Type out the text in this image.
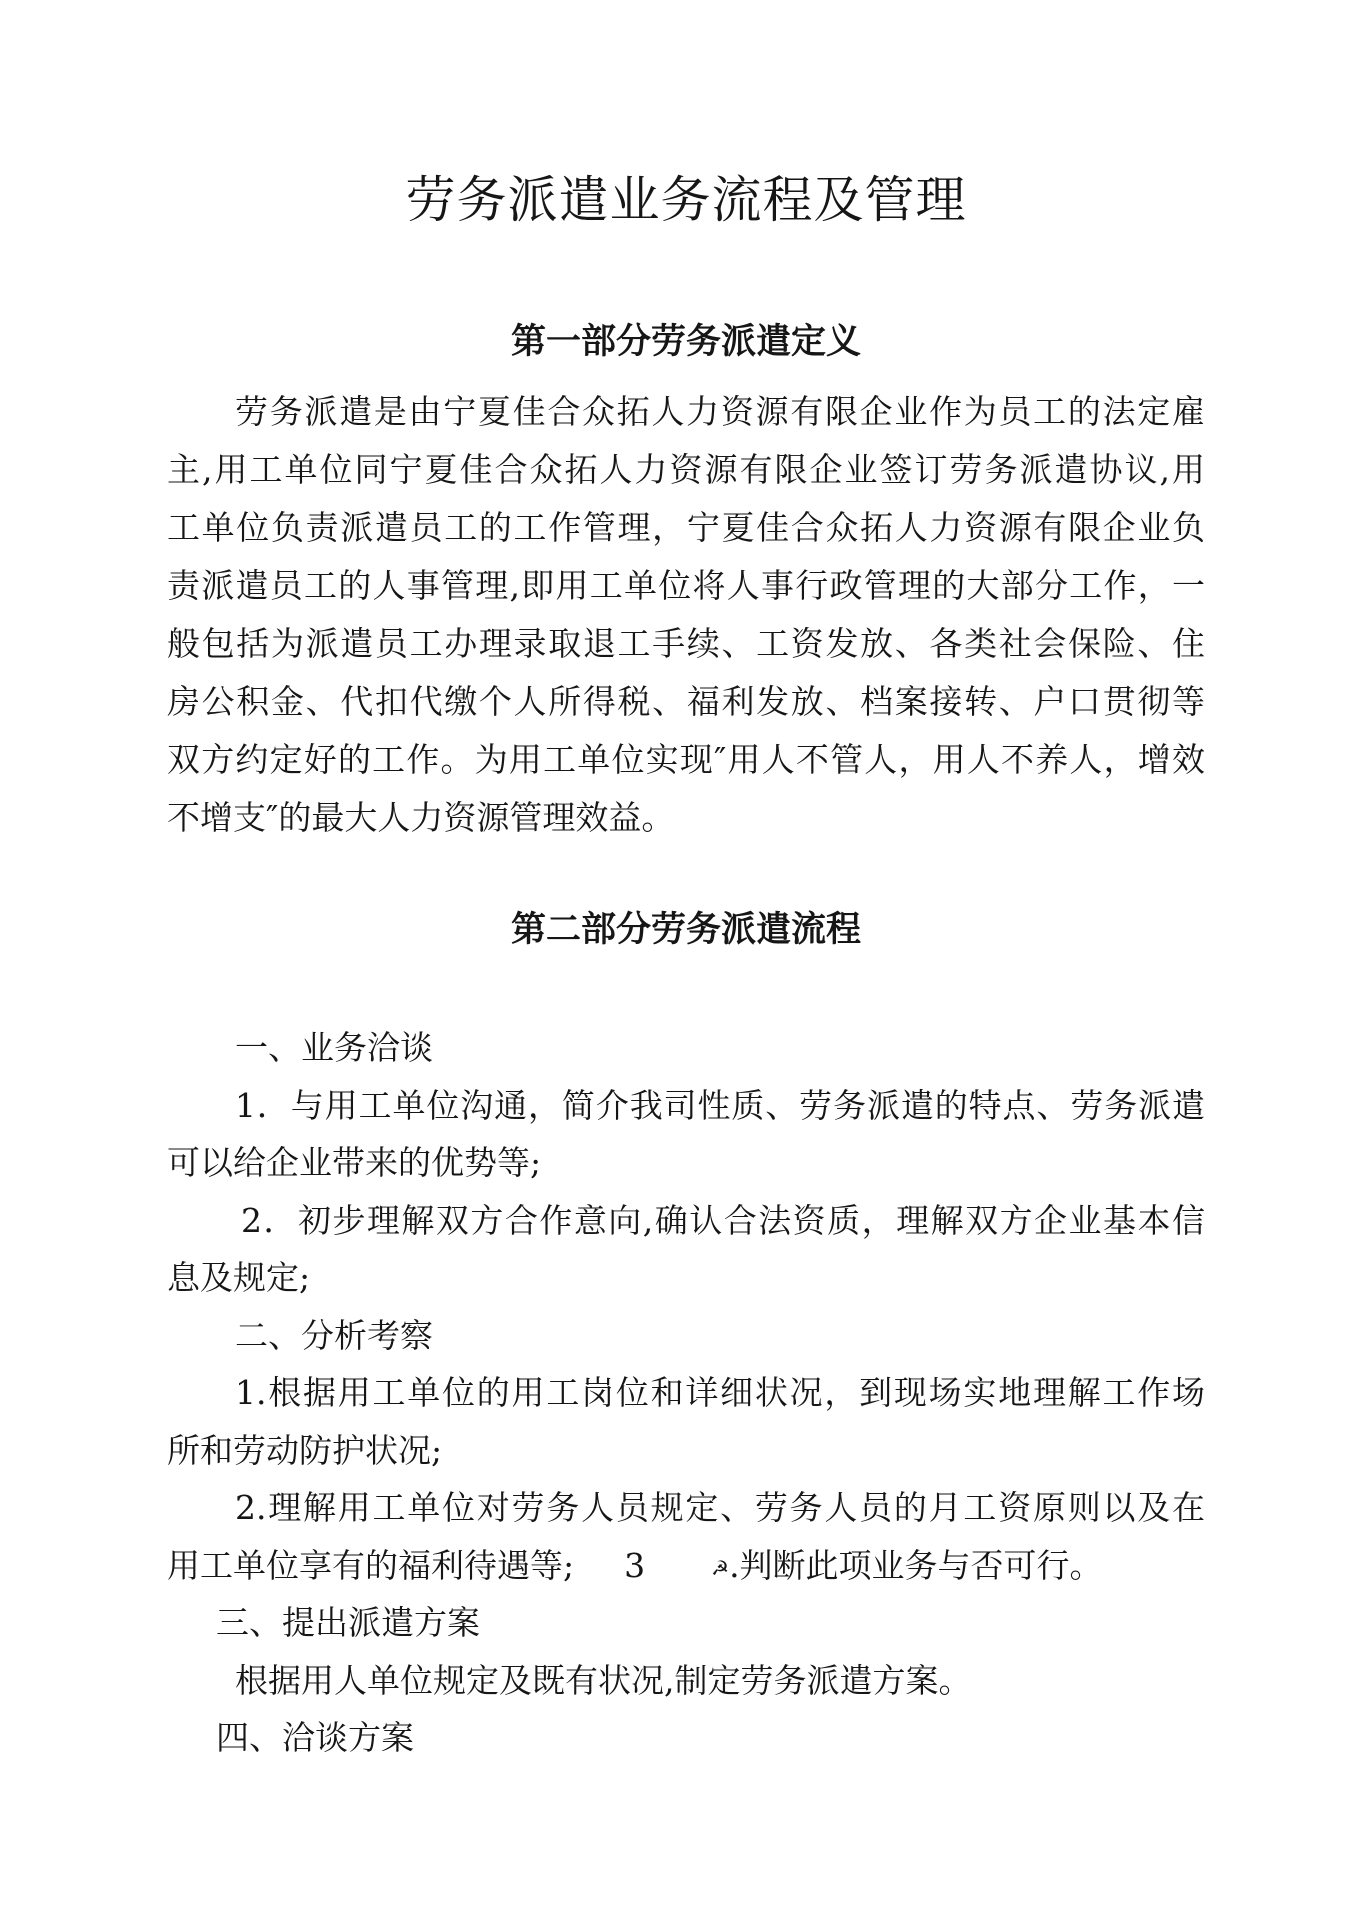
劳务派遣业务流程及管理
第一部分劳务派遣定义
劳务派遣是由宁夏佳合众拓人力资源有限企业作为员工的法定雇
主,用工单位同宁夏佳合众拓人力资源有限企业签订劳务派遣协议,用
工单位负责派遣员工的工作管理，宁夏佳合众拓人力资源有限企业负
责派遣员工的人事管理,即用工单位将人事行政管理的大部分工作，一
般包括为派遣员工办理录取退工手续、工资发放、各类社会保险、住
房公积金、代扣代缴个人所得税、福利发放、档案接转、户口贯彻等
双方约定好的工作。为用工单位实现″用人不管人，用人不养人，增效
不增支″的最大人力资源管理效益。
第二部分劳务派遣流程
一、业务洽谈
1．与用工单位沟通，简介我司性质、劳务派遣的特点、劳务派遣
可以给企业带来的优势等;
2．初步理解双方合作意向,确认合法资质，理解双方企业基本信
息及规定;
二、分析考察
1.根据用工单位的用工岗位和详细状况，到现场实地理解工作场
所和劳动防护状况;
2.理解用工单位对劳务人员规定、劳务人员的月工资原则以及在
用工单位享有的福利待遇等; 3	☭.判断此项业务与否可行。
三、提出派遣方案
根据用人单位规定及既有状况,制定劳务派遣方案。
四、洽谈方案
